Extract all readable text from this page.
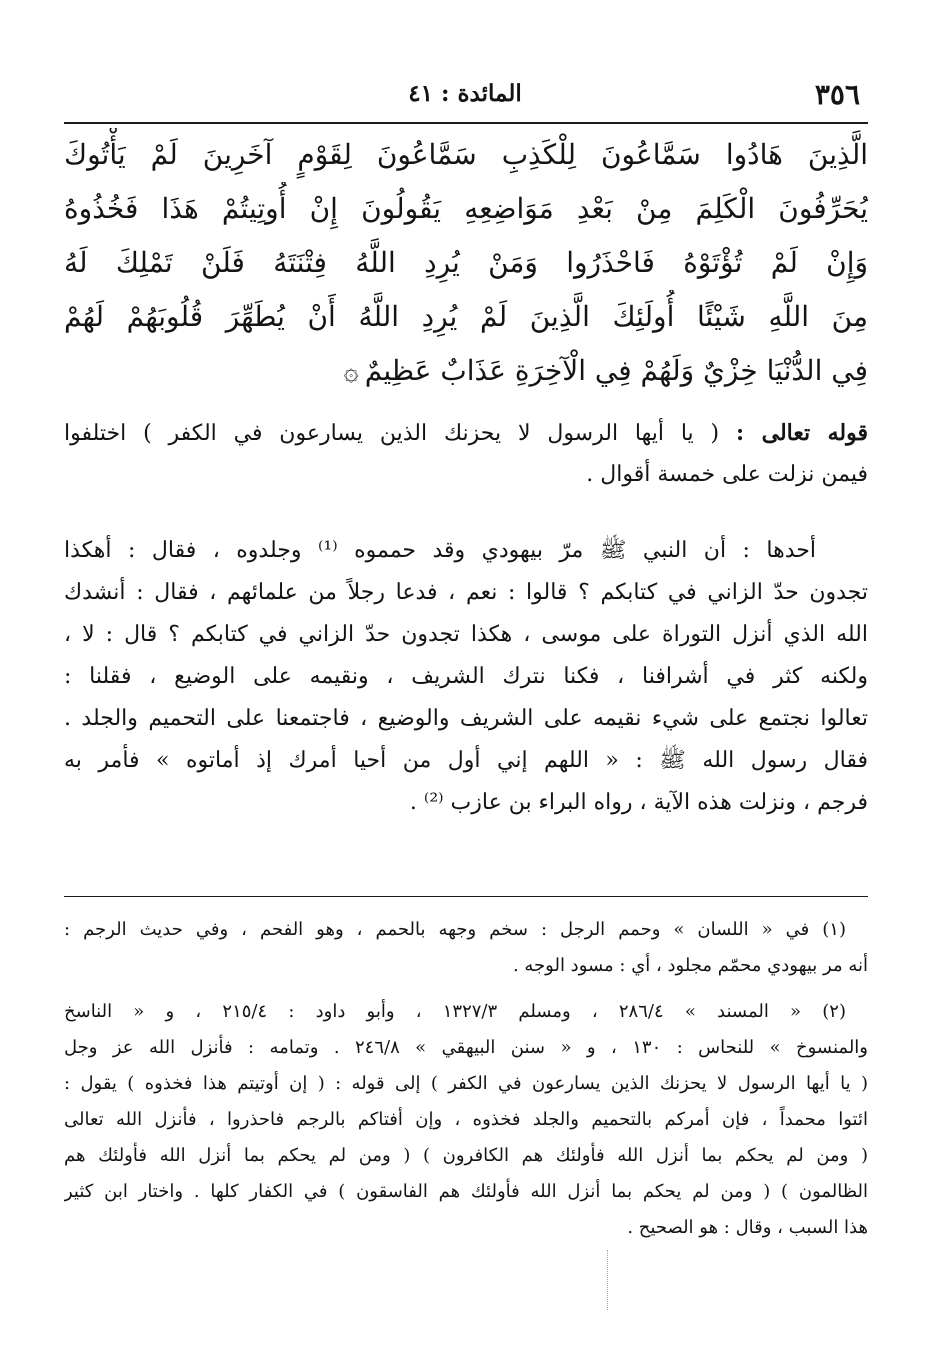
٣٥٦
المائدة : ٤١
الَّذِينَ هَادُوا سَمَّاعُونَ لِلْكَذِبِ سَمَّاعُونَ لِقَوْمٍ آخَرِينَ لَمْ يَأْتُوكَ
يُحَرِّفُونَ الْكَلِمَ مِنْ بَعْدِ مَوَاضِعِهِ يَقُولُونَ إِنْ أُوتِيتُمْ هَذَا فَخُذُوهُ
وَإِنْ لَمْ تُؤْتَوْهُ فَاحْذَرُوا وَمَنْ يُرِدِ اللَّهُ فِتْنَتَهُ فَلَنْ تَمْلِكَ لَهُ
مِنَ اللَّهِ شَيْئًا أُولَئِكَ الَّذِينَ لَمْ يُرِدِ اللَّهُ أَنْ يُطَهِّرَ قُلُوبَهُمْ لَهُمْ
فِي الدُّنْيَا خِزْيٌ وَلَهُمْ فِي الْآخِرَةِ عَذَابٌ عَظِيمٌ۞
قوله تعالى : ( يا أيها الرسول لا يحزنك الذين يسارعون في الكفر ) اختلفوا
فيمن نزلت على خمسة أقوال .
أحدها : أن النبي ﷺ مرّ بيهودي وقد حمموه ⁽¹⁾ وجلدوه ، فقال : أهكذا
تجدون حدّ الزاني في كتابكم ؟ قالوا : نعم ، فدعا رجلاً من علمائهم ، فقال : أنشدك
الله الذي أنزل التوراة على موسى ، هكذا تجدون حدّ الزاني في كتابكم ؟ قال : لا ،
ولكنه كثر في أشرافنا ، فكنا نترك الشريف ، ونقيمه على الوضيع ، فقلنا :
تعالوا نجتمع على شيء نقيمه على الشريف والوضيع ، فاجتمعنا على التحميم والجلد .
فقال رسول الله ﷺ : « اللهم إني أول من أحيا أمرك إذ أماتوه » فأمر به
فرجم ، ونزلت هذه الآية ، رواه البراء بن عازب ⁽²⁾ .
(١) في « اللسان » وحمم الرجل : سخم وجهه بالحمم ، وهو الفحم ، وفي حديث الرجم :
أنه مر بيهودي محمّم مجلود ، أي : مسود الوجه .
(٢) « المسند » ٢٨٦/٤ ، ومسلم ١٣٢٧/٣ ، وأبو داود : ٢١٥/٤ ، و « الناسخ
والمنسوخ » للنحاس : ١٣٠ ، و « سنن البيهقي » ٢٤٦/٨ . وتمامه : فأنزل الله عز وجل
( يا أيها الرسول لا يحزنك الذين يسارعون في الكفر ) إلى قوله : ( إن أوتيتم هذا فخذوه ) يقول :
ائتوا محمداً ، فإن أمركم بالتحميم والجلد فخذوه ، وإن أفتاكم بالرجم فاحذروا ، فأنزل الله تعالى
( ومن لم يحكم بما أنزل الله فأولئك هم الكافرون ) ( ومن لم يحكم بما أنزل الله فأولئك هم
الظالمون ) ( ومن لم يحكم بما أنزل الله فأولئك هم الفاسقون ) في الكفار كلها . واختار ابن كثير
هذا السبب ، وقال : هو الصحيح .
